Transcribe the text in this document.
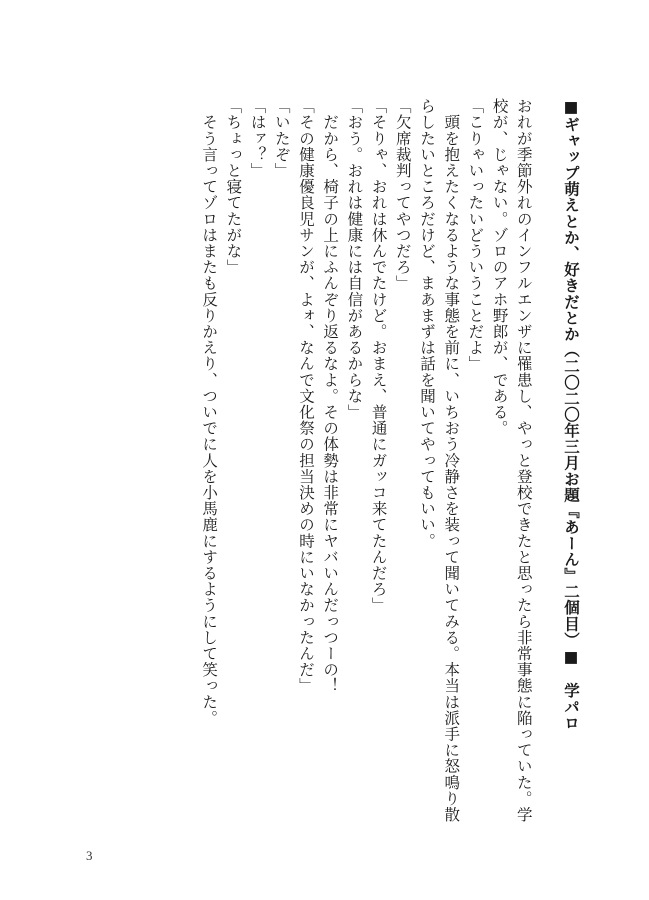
■ギャップ萌えとか、好きだとか（二〇二〇年三月お題『あーん』二個目）■　学パロ
おれが季節外れのインフルエンザに罹患し、やっと登校できたと思ったら非常事態に陥っていた。学
校が、じゃない。ゾロのアホ野郎が、である。
「こりゃいったいどういうことだよ」
　頭を抱えたくなるような事態を前に、いちおう冷静さを装って聞いてみる。本当は派手に怒鳴り散
らしたいところだけど、まあまずは話を聞いてやってもいい。
「欠席裁判ってやつだろ」
「そりゃ、おれは休んでたけど。おまえ、普通にガッコ来てたんだろ」
「おう。おれは健康には自信があるからな」
　だから、椅子の上にふんぞり返るなよ。その体勢は非常にヤバいんだっつーの！
「その健康優良児サンが、よォ、なんで文化祭の担当決めの時にいなかったんだ」
「いたぞ」
「はァ？」
「ちょっと寝てたがな」
　そう言ってゾロはまたも反りかえり、ついでに人を小馬鹿にするようにして笑った。
3
